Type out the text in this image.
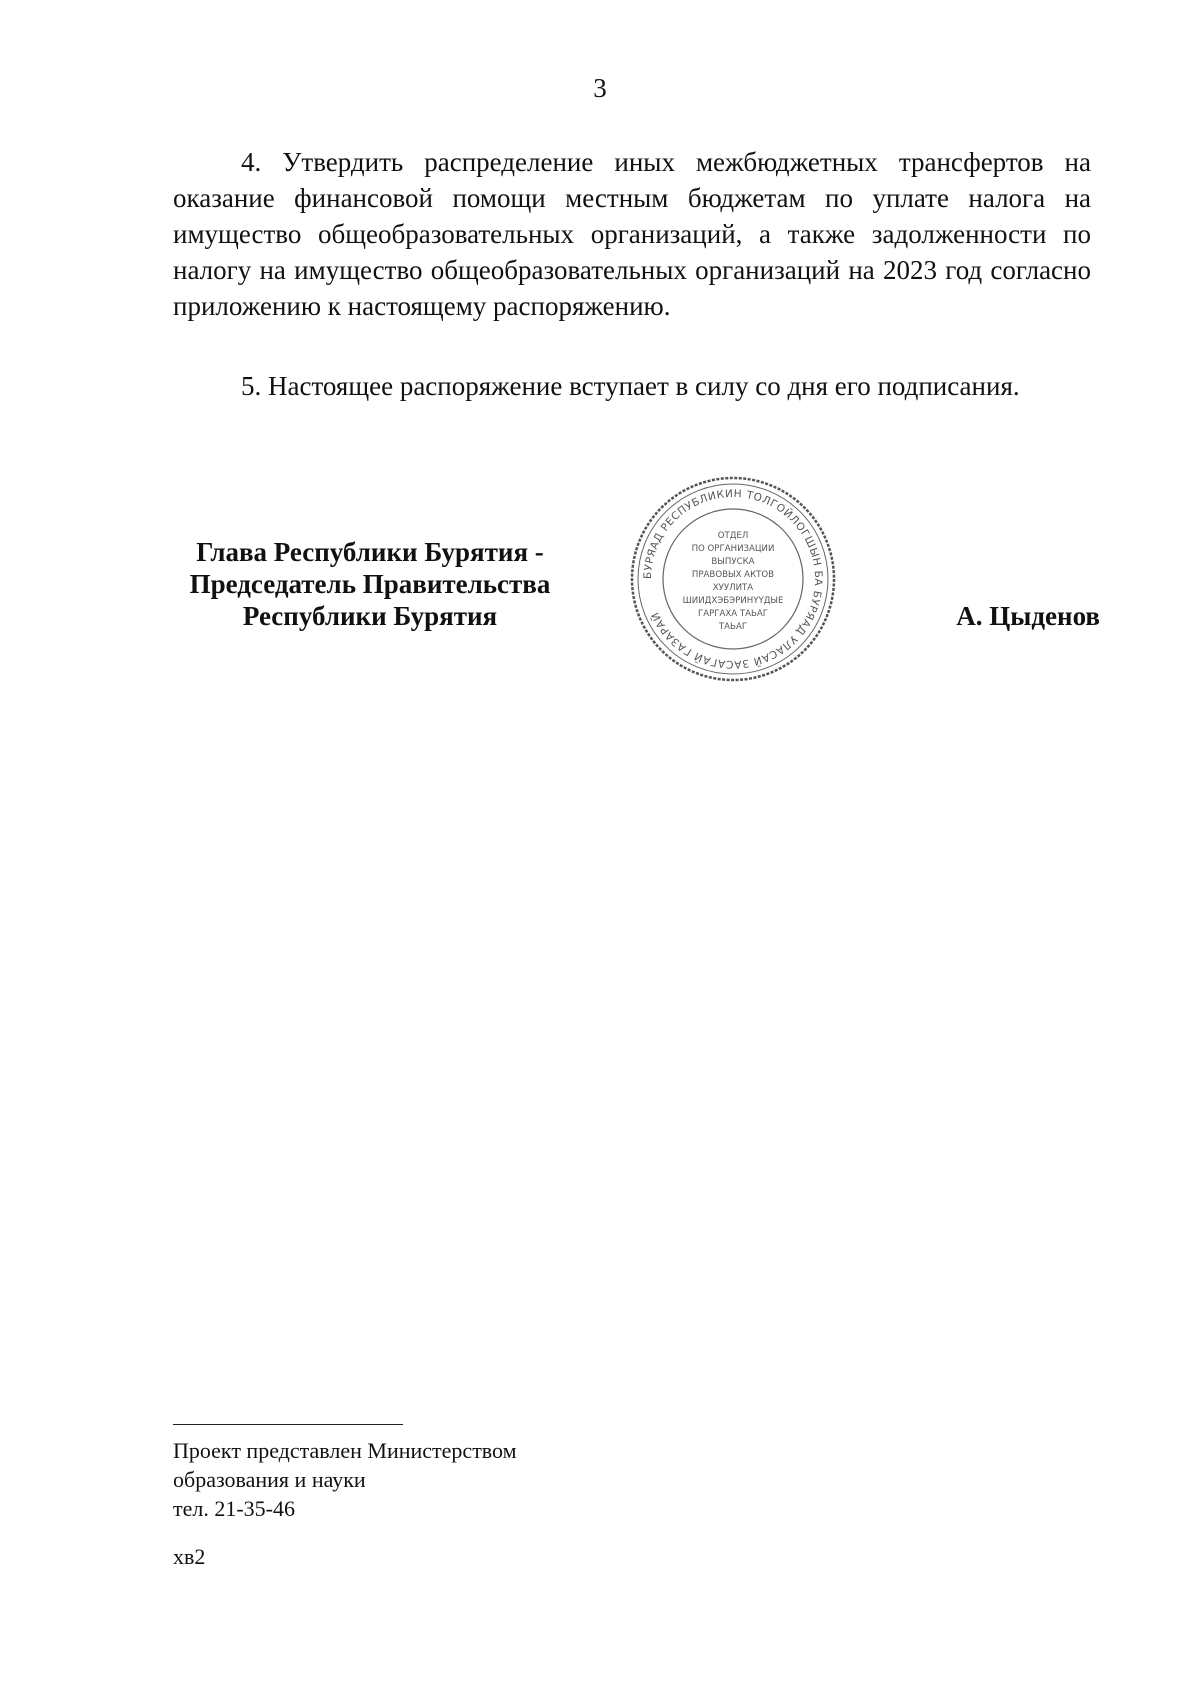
3

4. Утвердить распределение иных межбюджетных трансфертов на оказание финансовой помощи местным бюджетам по уплате налога на имущество общеобразовательных организаций, а также задолженности по налогу на имущество общеобразовательных организаций на 2023 год согласно приложению к настоящему распоряжению.

5. Настоящее распоряжение вступает в силу со дня его подписания.

Глава Республики Бурятия -
Председатель Правительства
Республики Бурятия
БУРЯАД РЕСПУБЛИКИН ТОЛГОЙЛОГШЫН БА БУРЯАД УЛАСАЙ ЗАСАГАЙ ГАЗАРАЙ
ОТДЕЛ
ПО ОРГАНИЗАЦИИ
ВЫПУСКА
ПРАВОВЫХ АКТОВ
ХУУЛИТА
ШИИДХЭБЭРИНҮҮДЫЕ
ГАРГАХА ТАЬАГ
ТАЬАГ	А. Цыденов
Проект представлен Министерством
образования и науки
тел. 21-35-46
хв2
